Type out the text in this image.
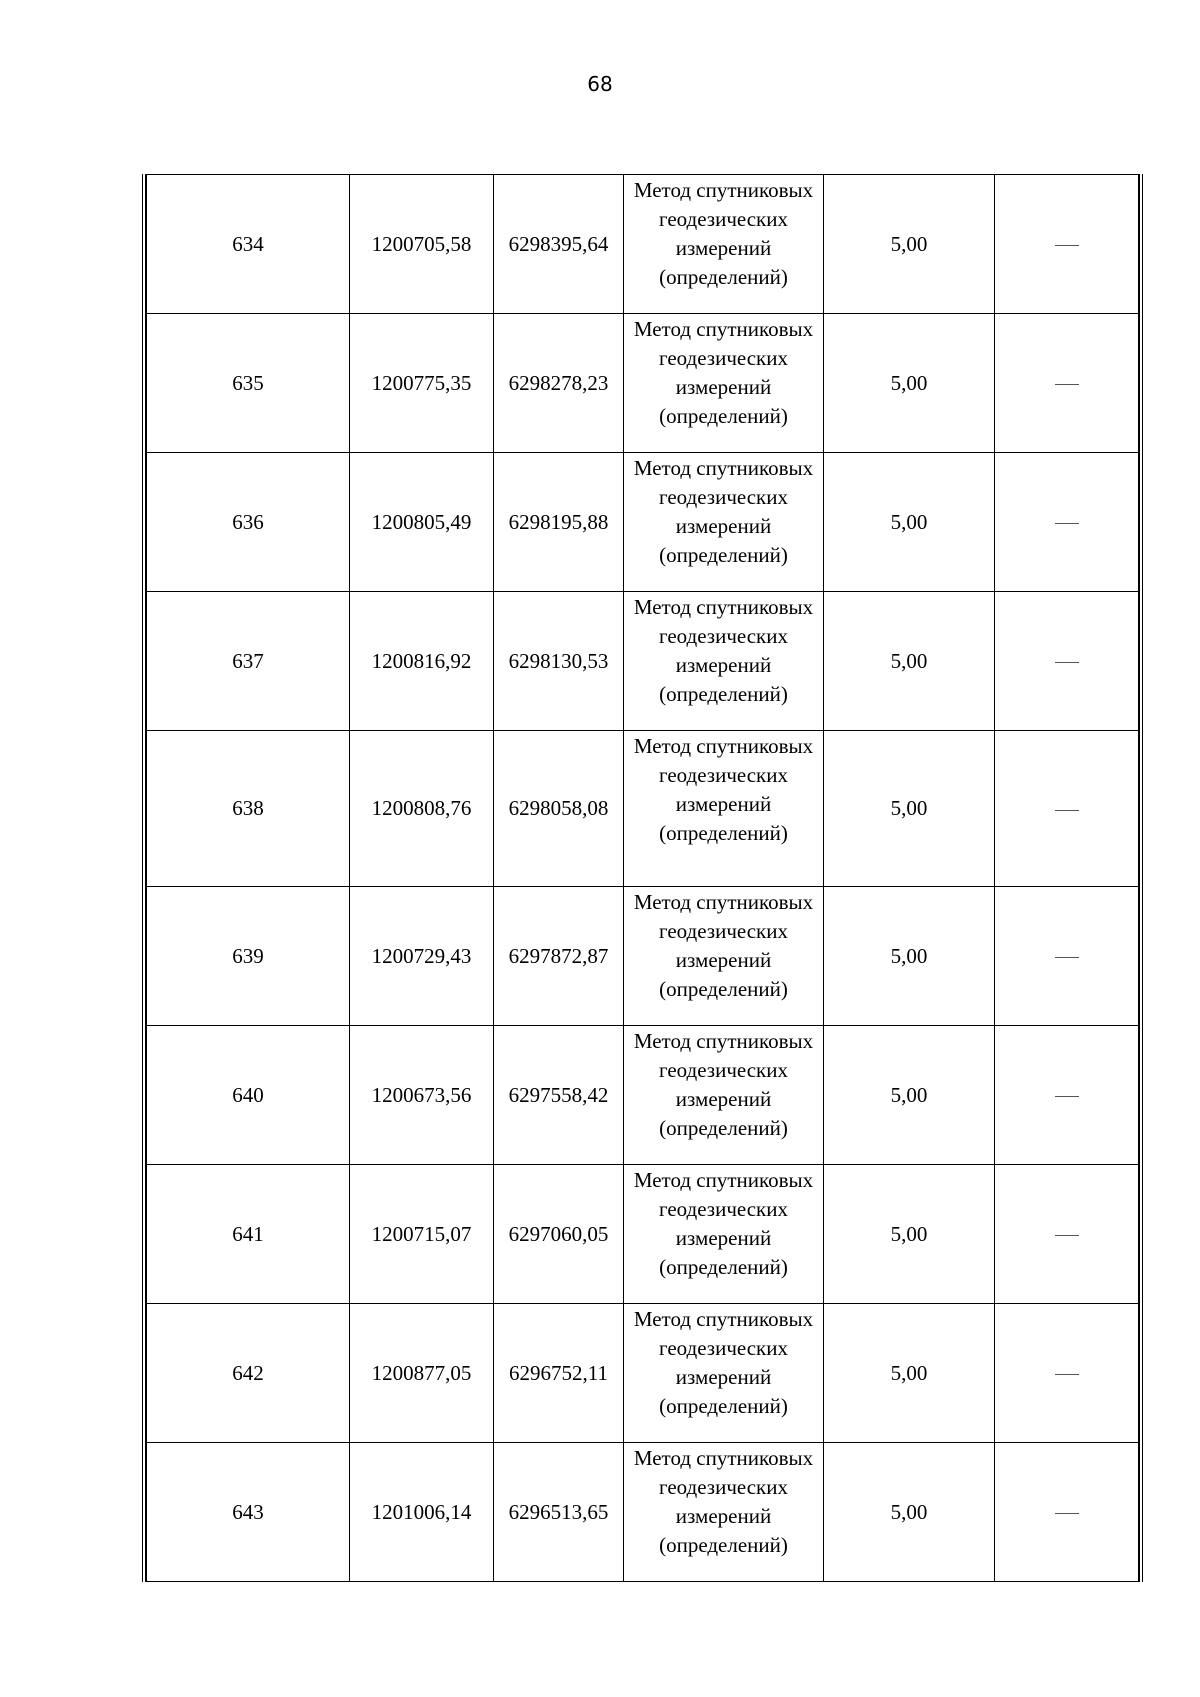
68
634	1200705,58	6298395,64	Метод спутниковых геодезических измерений (определений)	5,00	
635	1200775,35	6298278,23	Метод спутниковых геодезических измерений (определений)	5,00	
636	1200805,49	6298195,88	Метод спутниковых геодезических измерений (определений)	5,00	
637	1200816,92	6298130,53	Метод спутниковых геодезических измерений (определений)	5,00	
638	1200808,76	6298058,08	Метод спутниковых геодезических измерений (определений)	5,00	
639	1200729,43	6297872,87	Метод спутниковых геодезических измерений (определений)	5,00	
640	1200673,56	6297558,42	Метод спутниковых геодезических измерений (определений)	5,00	
641	1200715,07	6297060,05	Метод спутниковых геодезических измерений (определений)	5,00	
642	1200877,05	6296752,11	Метод спутниковых геодезических измерений (определений)	5,00	
643	1201006,14	6296513,65	Метод спутниковых геодезических измерений (определений)	5,00	
